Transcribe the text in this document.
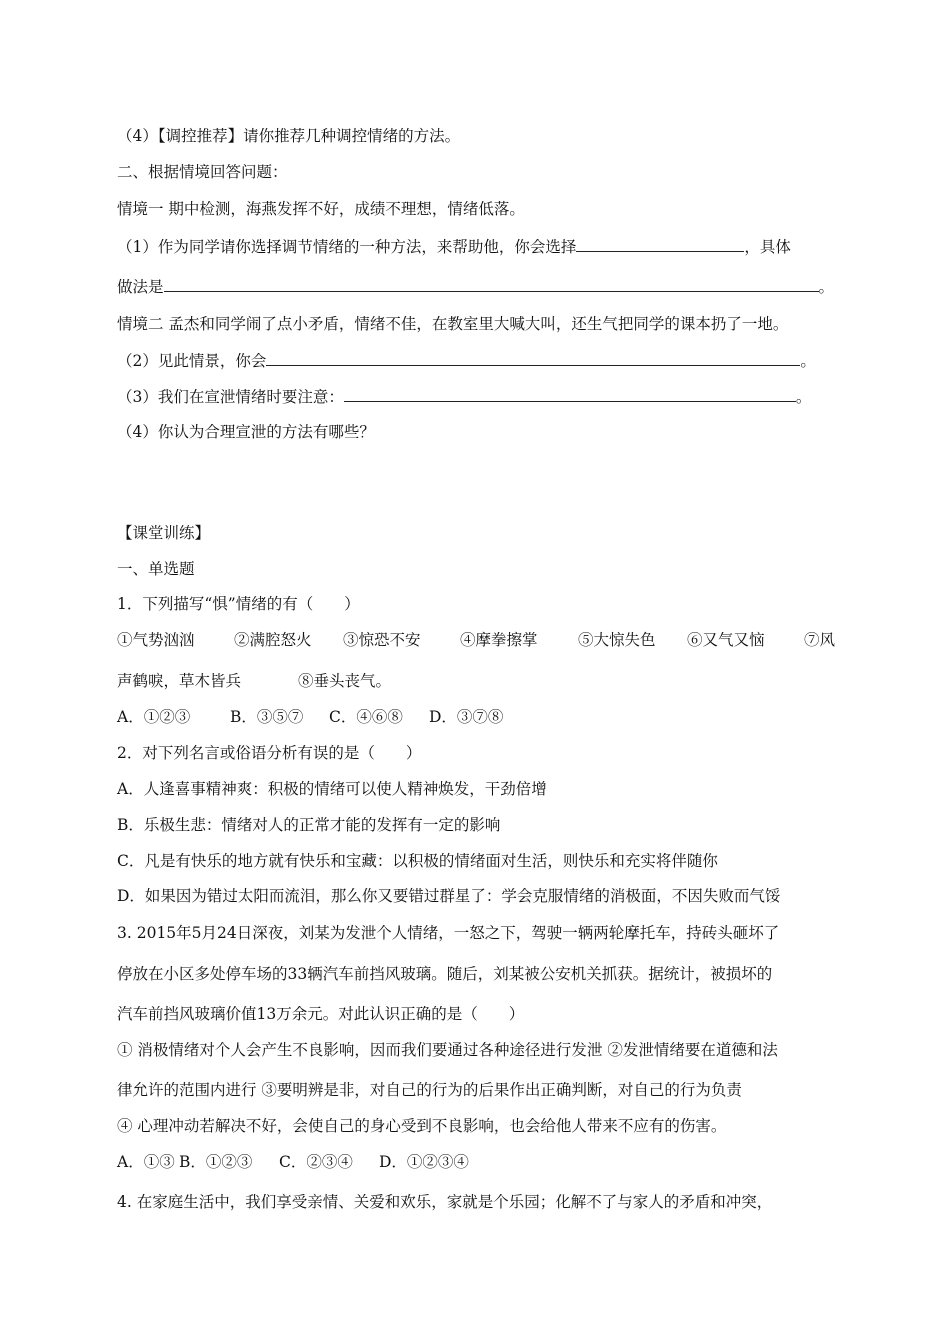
（4）【调控推荐】请你推荐几种调控情绪的方法。
二、根据情境回答问题：
情境一 期中检测，海燕发挥不好，成绩不理想，情绪低落。
（1）作为同学请你选择调节情绪的一种方法，来帮助他，你会选择	，具体
做法是	。
情境二 孟杰和同学闹了点小矛盾，情绪不佳，在教室里大喊大叫，还生气把同学的课本扔了一地。
（2）见此情景，你会	。
（3）我们在宣泄情绪时要注意：	。
（4）你认为合理宣泄的方法有哪些？
【课堂训练】
一、单选题
1．下列描写“惧”情绪的有（　　）
①气势汹汹	②满腔怒火 ③惊恐不安	④摩拳擦掌	⑤大惊失色 ⑥又气又恼	⑦风
声鹤唳，草木皆兵	⑧垂头丧气。
A．①②③	B．③⑤⑦ C．④⑥⑧ D．③⑦⑧
2．对下列名言或俗语分析有误的是（　　）
A．人逢喜事精神爽：积极的情绪可以使人精神焕发，干劲倍增
B．乐极生悲：情绪对人的正常才能的发挥有一定的影响
C．凡是有快乐的地方就有快乐和宝藏：以积极的情绪面对生活，则快乐和充实将伴随你
D．如果因为错过太阳而流泪，那么你又要错过群星了：学会克服情绪的消极面，不因失败而气馁
3. 2015年5月24日深夜，刘某为发泄个人情绪，一怒之下，驾驶一辆两轮摩托车，持砖头砸坏了
停放在小区多处停车场的33辆汽车前挡风玻璃。随后，刘某被公安机关抓获。据统计，被损坏的
汽车前挡风玻璃价值13万余元。对此认识正确的是（　　）
① 消极情绪对个人会产生不良影响，因而我们要通过各种途径进行发泄 ②发泄情绪要在道德和法
律允许的范围内进行 ③要明辨是非，对自己的行为的后果作出正确判断，对自己的行为负责
④ 心理冲动若解决不好，会使自己的身心受到不良影响，也会给他人带来不应有的伤害。
A．①③ B．①②③ C．②③④ D．①②③④
4. 在家庭生活中，我们享受亲情、关爱和欢乐，家就是个乐园；化解不了与家人的矛盾和冲突，
